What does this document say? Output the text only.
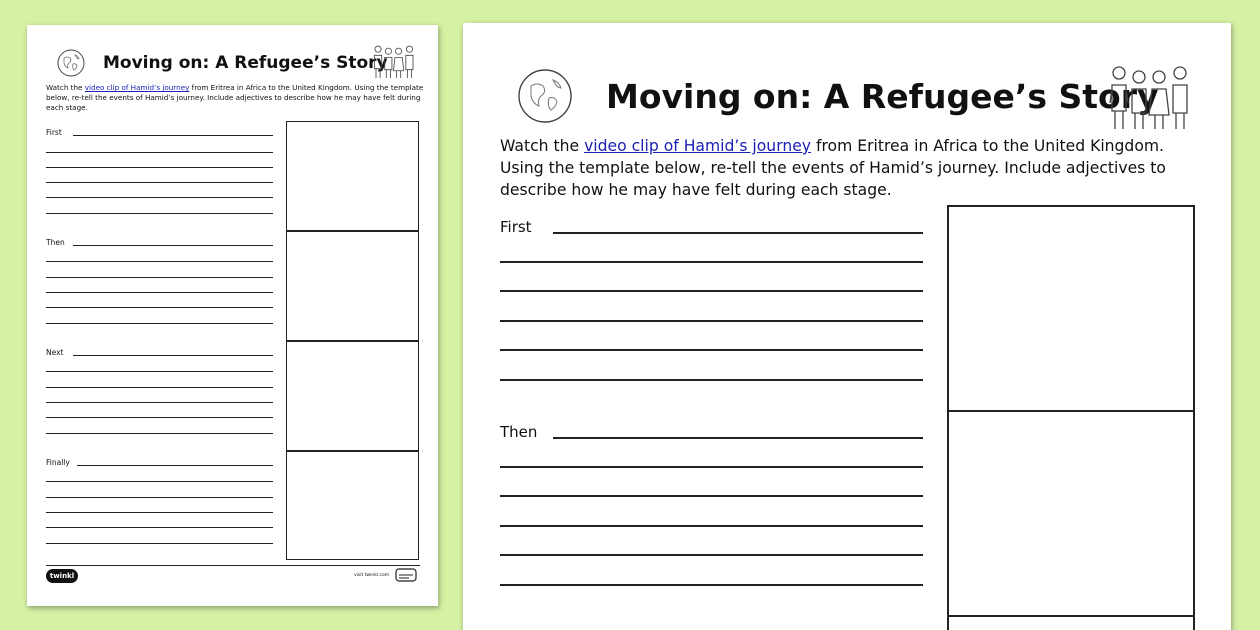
Moving on: A Refugee’s Story
Watch the video clip of Hamid’s journey from Eritrea in Africa to the United Kingdom. Using the template below, re-tell the events of Hamid’s journey. Include adjectives to describe how he may have felt during each stage.
First
Then
Next
Finally
twinkl	visit twinkl.com
Moving on: A Refugee’s Story
Watch the video clip of Hamid’s journey from Eritrea in Africa to the United Kingdom. Using the template below, re-tell the events of Hamid’s journey. Include adjectives to describe how he may have felt during each stage.
First
Then
